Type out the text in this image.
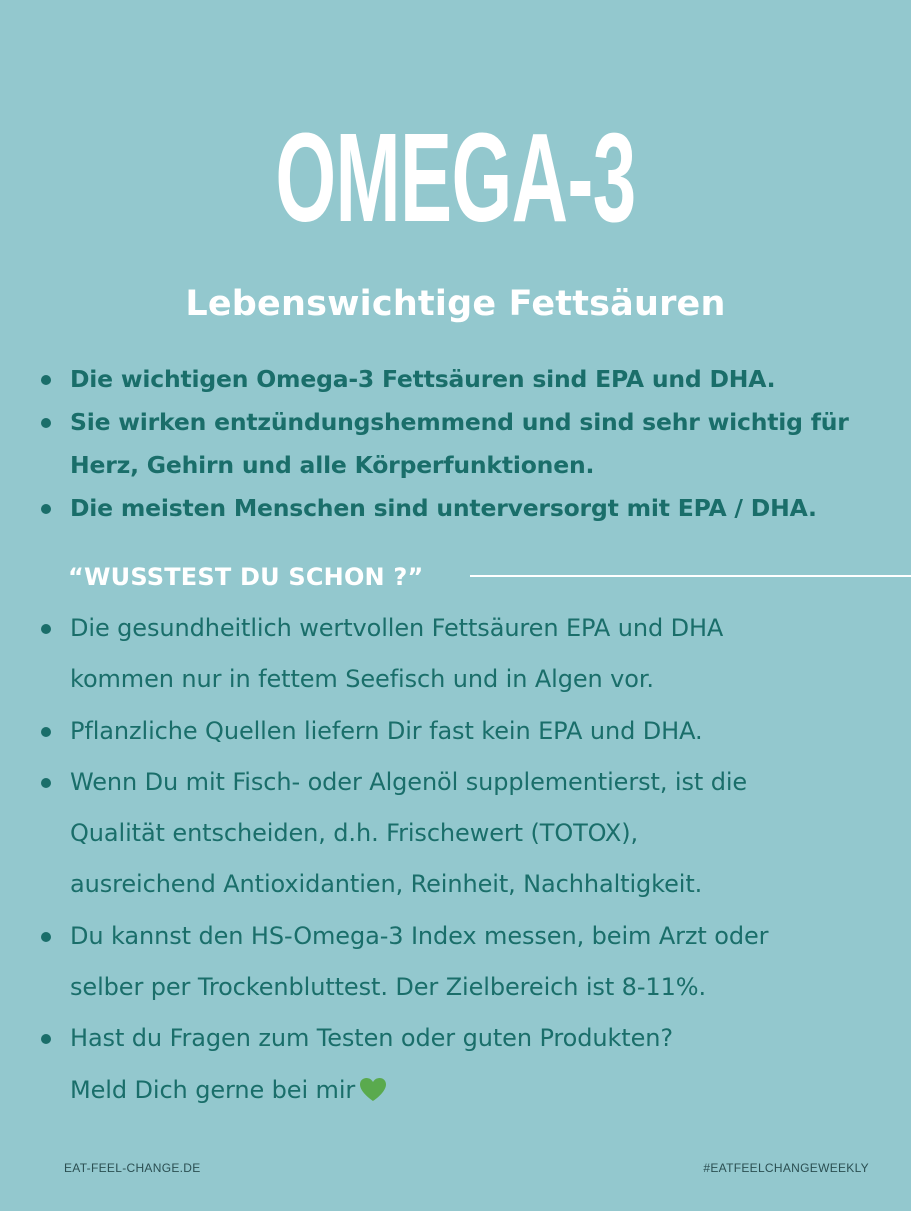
OMEGA-3
Lebenswichtige Fettsäuren
Die wichtigen Omega-3 Fettsäuren sind EPA und DHA.
Sie wirken entzündungshemmend und sind sehr wichtig für
Herz, Gehirn und alle Körperfunktionen.
Die meisten Menschen sind unterversorgt mit EPA / DHA.
“WUSSTEST DU SCHON ?”
Die gesundheitlich wertvollen Fettsäuren EPA und DHA
kommen nur in fettem Seefisch und in Algen vor.
Pflanzliche Quellen liefern Dir fast kein EPA und DHA.
Wenn Du mit Fisch- oder Algenöl supplementierst, ist die
Qualität entscheiden, d.h. Frischewert (TOTOX),
ausreichend Antioxidantien, Reinheit, Nachhaltigkeit.
Du kannst den HS-Omega-3 Index messen, beim Arzt oder
selber per Trockenbluttest. Der Zielbereich ist 8-11%.
Hast du Fragen zum Testen oder guten Produkten?
Meld Dich gerne bei mir
EAT-FEEL-CHANGE.DE	#EATFEELCHANGEWEEKLY
